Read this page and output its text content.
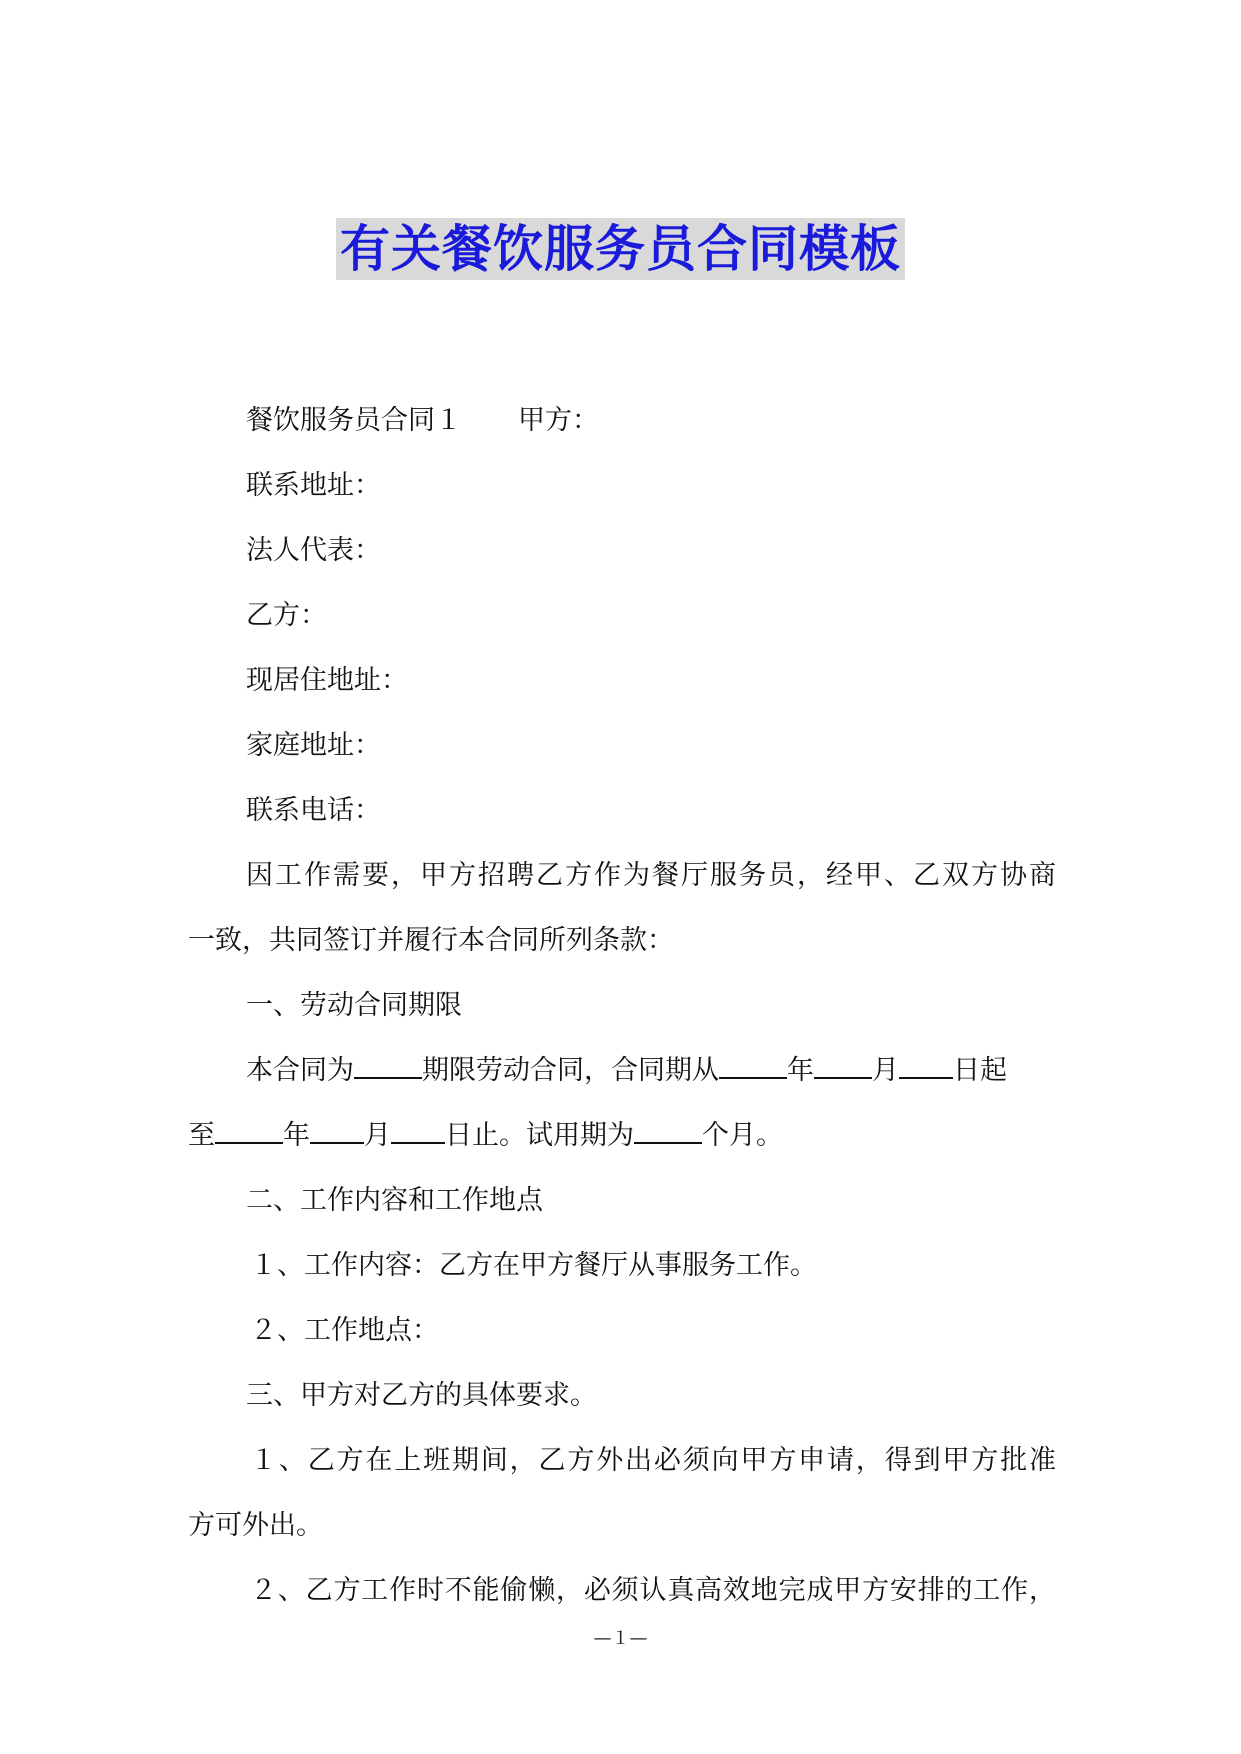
有关餐饮服务员合同模板

餐饮服务员合同１ 甲方：

联系地址：

法人代表：

乙方：

现居住地址：

家庭地址：

联系电话：

因工作需要，甲方招聘乙方作为餐厅服务员，经甲、乙双方协商

一致，共同签订并履行本合同所列条款：

一、劳动合同期限

本合同为	期限劳动合同，合同期从	年 月 日起

至	年 月 日止。试用期为	个月。

二、工作内容和工作地点

１、工作内容：乙方在甲方餐厅从事服务工作。

２、工作地点：

三、甲方对乙方的具体要求。

１、乙方在上班期间，乙方外出必须向甲方申请，得到甲方批准

方可外出。

２、乙方工作时不能偷懒，必须认真高效地完成甲方安排的工作，

—１—
